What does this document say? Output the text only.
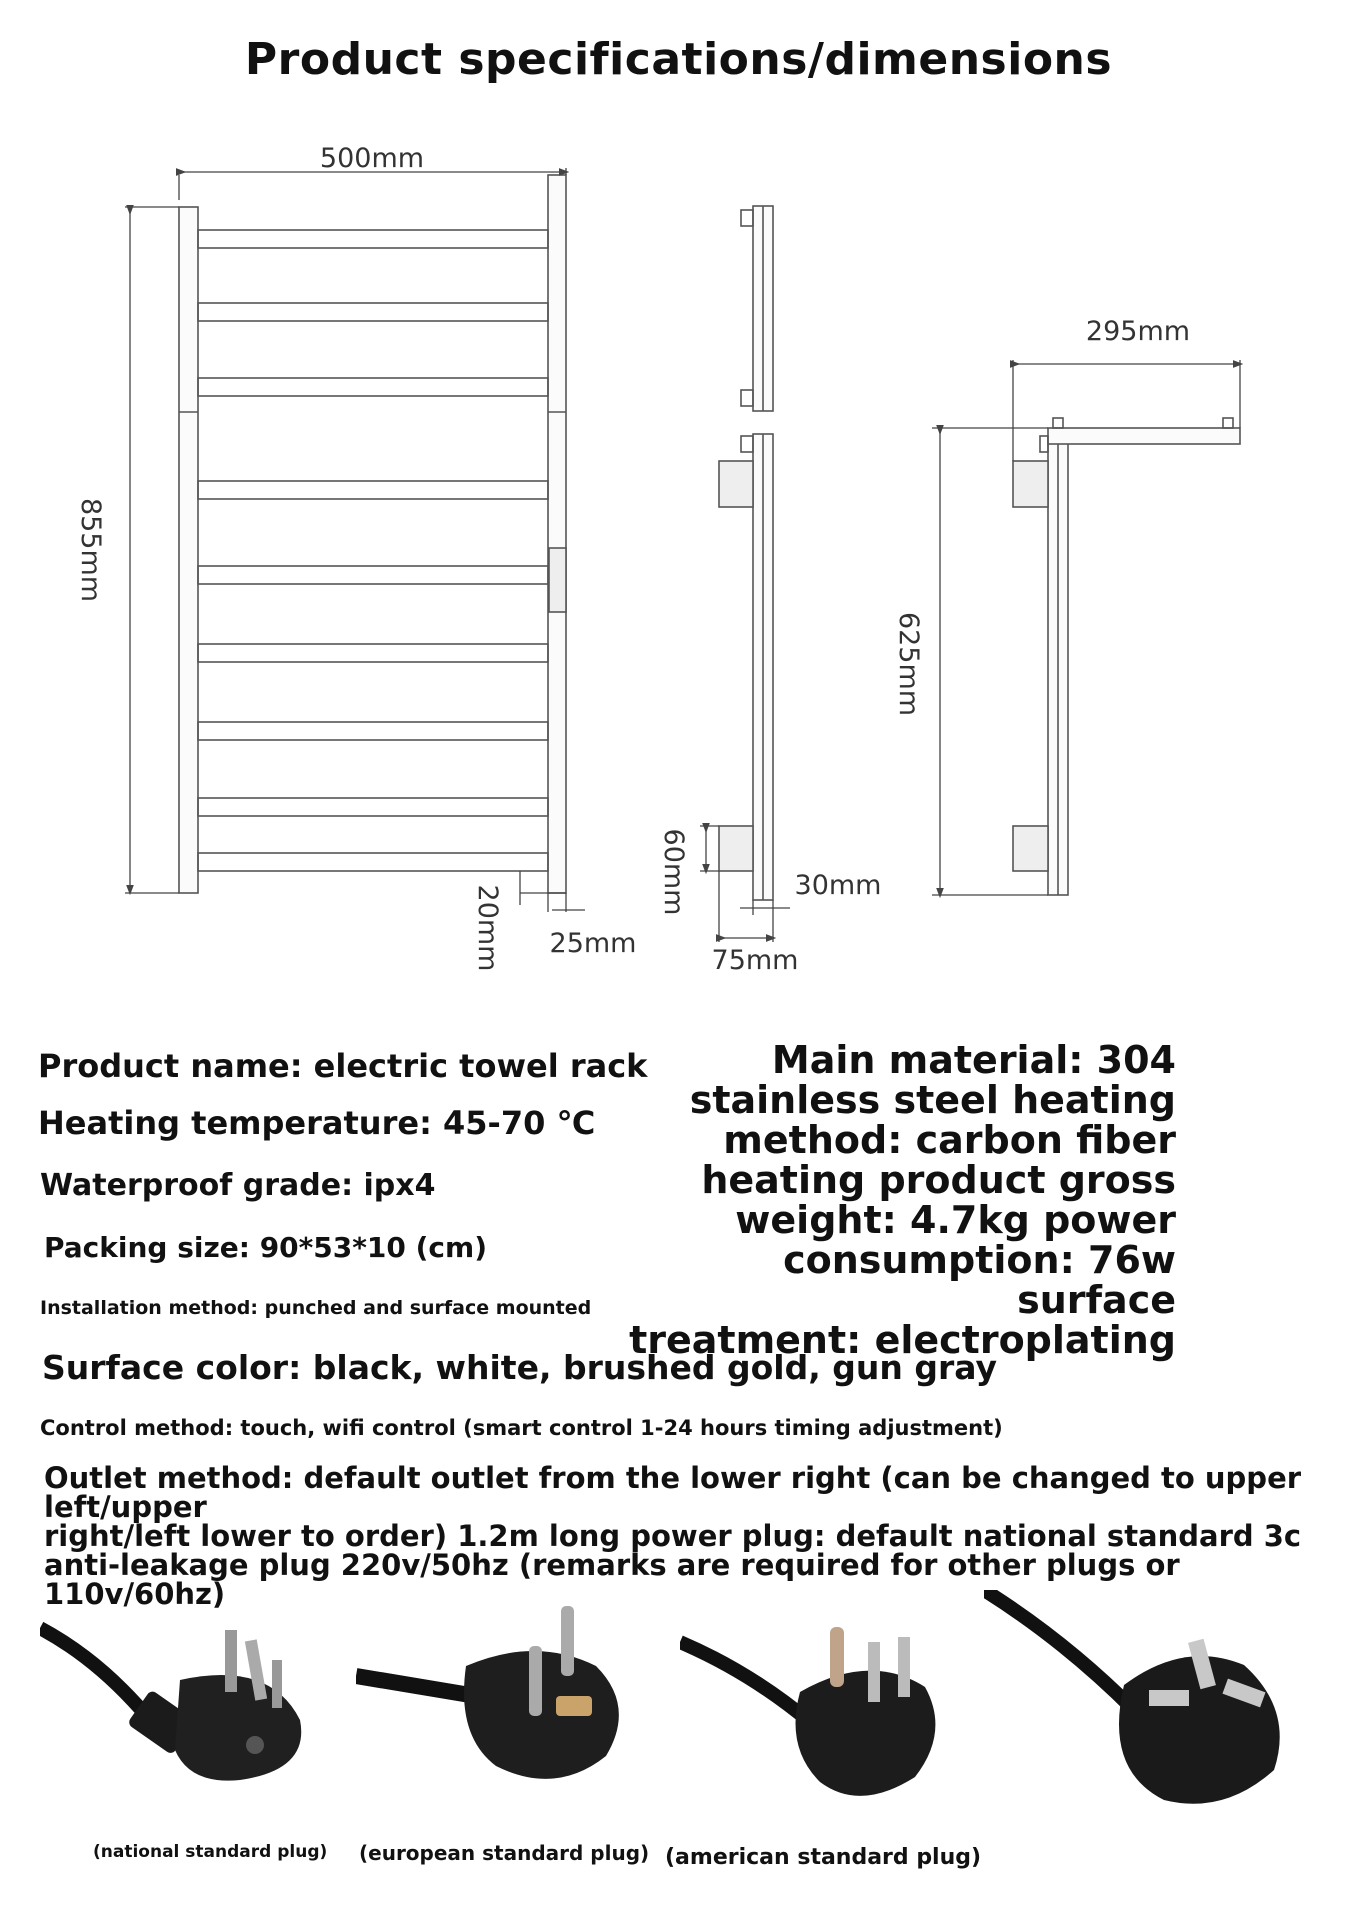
Product specifications/dimensions
500mm
855mm
20mm 25mm
60mm	30mm
75mm
295mm
625mm
Product name: electric towel rack
Heating temperature: 45-70 ℃
Waterproof grade: ipx4
Packing size: 90*53*10 (cm)
Installation method: punched and surface mounted
Main material: 304
stainless steel heating
method: carbon fiber
heating product gross
weight: 4.7kg power
consumption: 76w surface
treatment: electroplating
Surface color: black, white, brushed gold, gun gray
Control method: touch, wifi control (smart control 1-24 hours timing adjustment)
Outlet method: default outlet from the lower right (can be changed to upper left/upper
right/left lower to order) 1.2m long power plug: default national standard 3c
anti-leakage plug 220v/50hz (remarks are required for other plugs or 110v/60hz)
(national standard plug) (european standard plug) (american standard plug)
